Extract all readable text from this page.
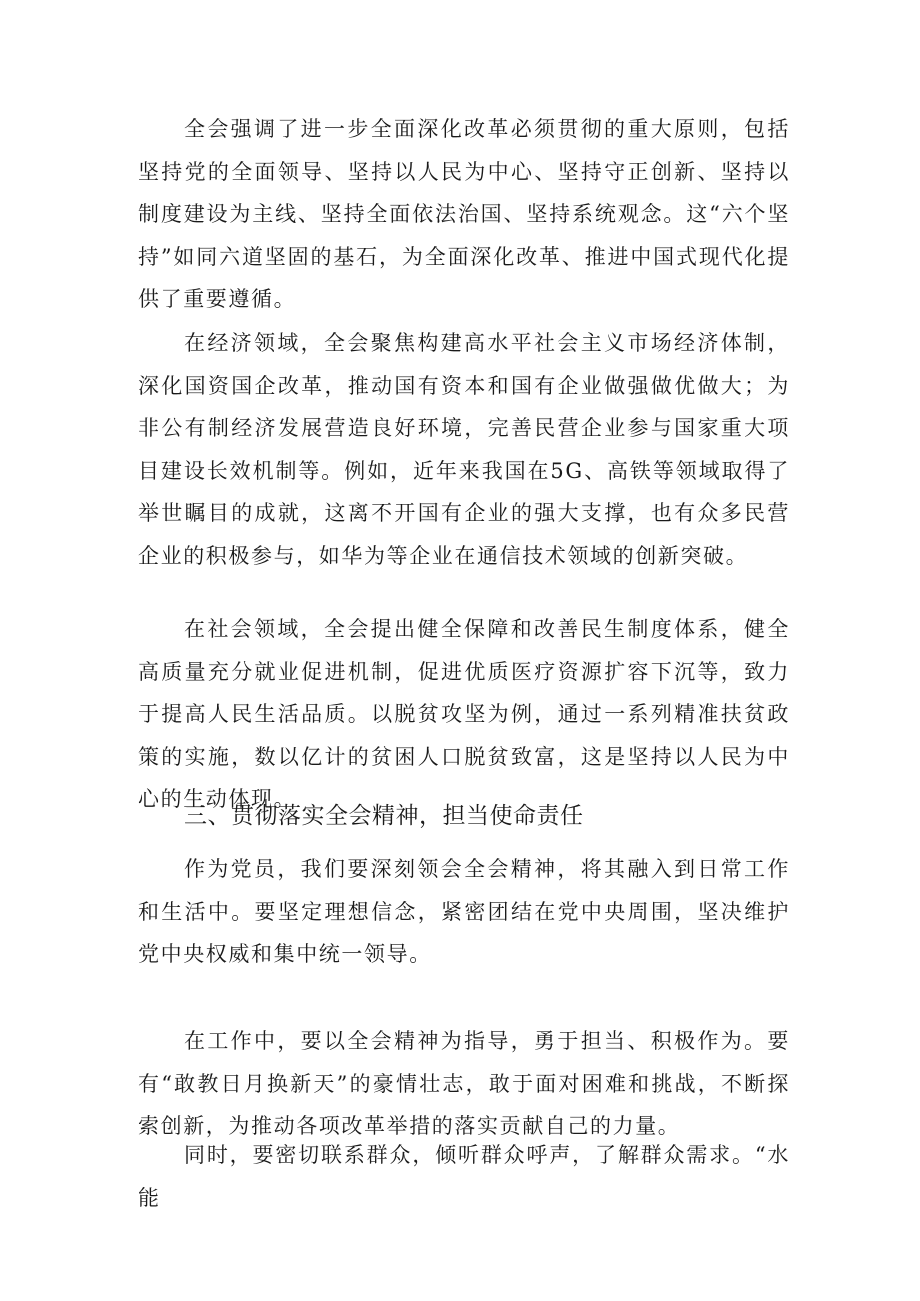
全会强调了进一步全面深化改革必须贯彻的重大原则，包括坚持党的全面领导、坚持以人民为中心、坚持守正创新、坚持以制度建设为主线、坚持全面依法治国、坚持系统观念。这“六个坚持”如同六道坚固的基石，为全面深化改革、推进中国式现代化提供了重要遵循。

在经济领域，全会聚焦构建高水平社会主义市场经济体制，深化国资国企改革，推动国有资本和国有企业做强做优做大；为非公有制经济发展营造良好环境，完善民营企业参与国家重大项目建设长效机制等。例如，近年来我国在5G、高铁等领域取得了举世瞩目的成就，这离不开国有企业的强大支撑，也有众多民营企业的积极参与，如华为等企业在通信技术领域的创新突破。

在社会领域，全会提出健全保障和改善民生制度体系，健全高质量充分就业促进机制，促进优质医疗资源扩容下沉等，致力于提高人民生活品质。以脱贫攻坚为例，通过一系列精准扶贫政策的实施，数以亿计的贫困人口脱贫致富，这是坚持以人民为中心的生动体现。

三、贯彻落实全会精神，担当使命责任

作为党员，我们要深刻领会全会精神，将其融入到日常工作和生活中。要坚定理想信念，紧密团结在党中央周围，坚决维护党中央权威和集中统一领导。

在工作中，要以全会精神为指导，勇于担当、积极作为。要有“敢教日月换新天”的豪情壮志，敢于面对困难和挑战，不断探索创新，为推动各项改革举措的落实贡献自己的力量。

同时，要密切联系群众，倾听群众呼声，了解群众需求。“水能
